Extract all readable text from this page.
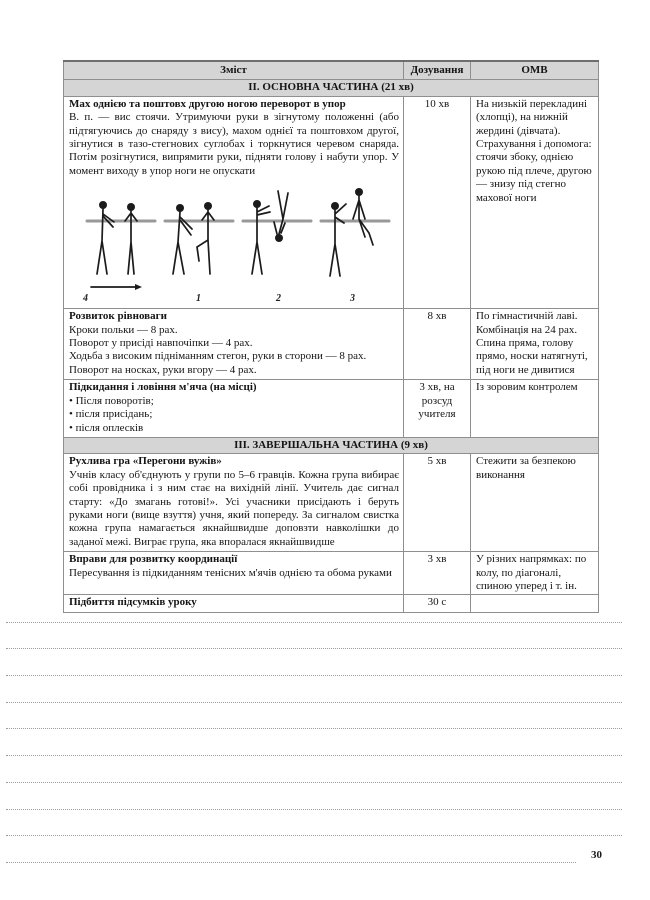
Зміст	Дозування	ОМВ
ІІ. ОСНОВНА ЧАСТИНА (21 хв)		

Мах однією та поштовх другою ногою переворот в упор
В. п. — вис стоячи. Утримуючи руки в зігнутому положенні (або підтягуючись до снаряду з вису), махом однієї та поштовхом другої, зігнутися в тазо-стегнових суглобах і торкнутися черевом снаряда. Потім розігнутися, випрямити руки, підняти голову і набути упор. У момент виходу в упор ноги не опускати
1	2	3
4
	10 хв	На низькій перекладині (хлопці), на нижній жердині (дівчата). Страхування і допомога: стоячи збоку, однією рукою під плече, другою — знизу під стегно махової ноги

Розвиток рівноваги
Кроки польки — 8 рах.
Поворот у присіді навпочіпки — 4 рах.
Ходьба з високим підніманням стегон, руки в сторони — 8 рах.
Поворот на носках, руки вгору — 4 рах.	8 хв	По гімнастичній лаві. Комбінація на 24 рах. Спина пряма, голову прямо, носки натягнуті, під ноги не дивитися

Підкидання і ловіння м'яча (на місці)
• Після поворотів;
• після присідань;
• після оплесків	3 хв, на розсуд учителя	Із зоровим контролем
ІІІ. ЗАВЕРШАЛЬНА ЧАСТИНА (9 хв)		

Рухлива гра «Перегони вужів»
Учнів класу об'єднують у групи по 5–6 гравців. Кожна група вибирає собі провідника і з ним стає на вихідній лінії. Учитель дає сигнал старту: «До змагань готові!». Усі учасники присідають і беруть руками ноги (вище взуття) учня, який попереду. За сигналом свистка кожна група намагається якнайшвидше доповзти навколішки до заданої межі. Виграє група, яка впоралася якнайшвидше	5 хв	Стежити за безпекою виконання

Вправи для розвитку координації
Пересування із підкиданням тенісних м'ячів однією та обома руками	3 хв	У різних напрямках: по колу, по діагоналі, спиною уперед і т. ін.

Підбиття підсумків уроку	30 с	
30
